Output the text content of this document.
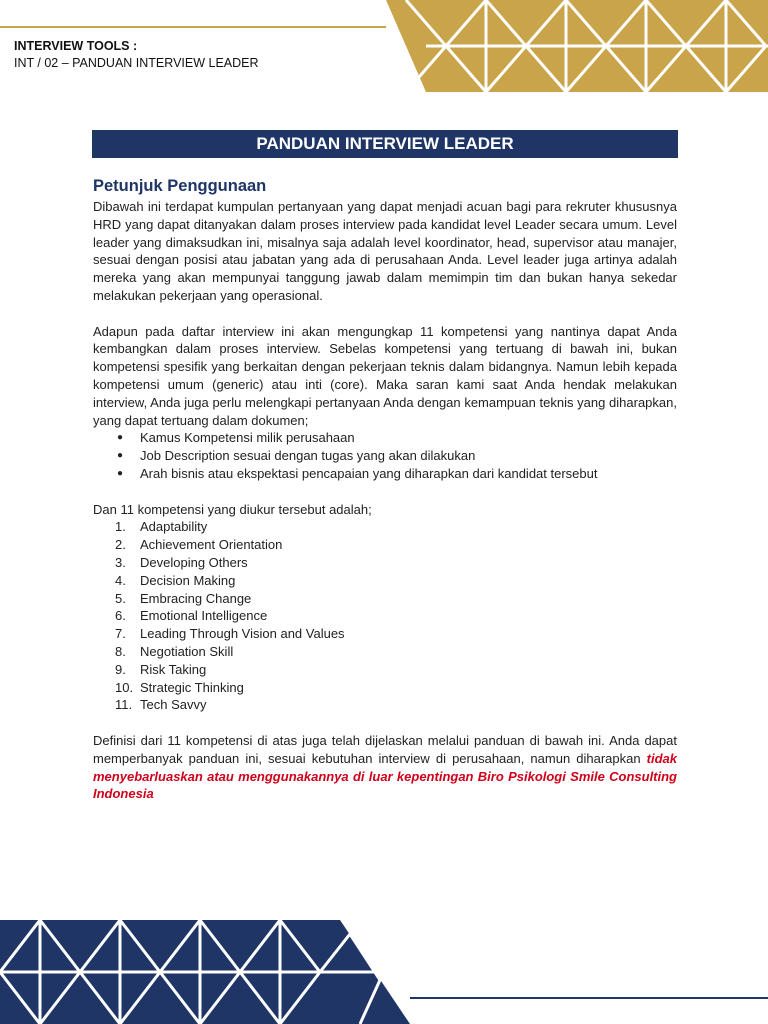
INTERVIEW TOOLS :
INT / 02 – PANDUAN INTERVIEW LEADER
PANDUAN INTERVIEW LEADER
Petunjuk Penggunaan

Dibawah ini terdapat kumpulan pertanyaan yang dapat menjadi acuan bagi para rekruter khususnya HRD yang dapat ditanyakan dalam proses interview pada kandidat level Leader secara umum. Level leader yang dimaksudkan ini, misalnya saja adalah level koordinator, head, supervisor atau manajer, sesuai dengan posisi atau jabatan yang ada di perusahaan Anda. Level leader juga artinya adalah mereka yang akan mempunyai tanggung jawab dalam memimpin tim dan bukan hanya sekedar melakukan pekerjaan yang operasional.

Adapun pada daftar interview ini akan mengungkap 11 kompetensi yang nantinya dapat Anda kembangkan dalam proses interview. Sebelas kompetensi yang tertuang di bawah ini, bukan kompetensi spesifik yang berkaitan dengan pekerjaan teknis dalam bidangnya. Namun lebih kepada kompetensi umum (generic) atau inti (core). Maka saran kami saat Anda hendak melakukan interview, Anda juga perlu melengkapi pertanyaan Anda dengan kemampuan teknis yang diharapkan, yang dapat tertuang dalam dokumen;

● Kamus Kompetensi milik perusahaan
● Job Description sesuai dengan tugas yang akan dilakukan
● Arah bisnis atau ekspektasi pencapaian yang diharapkan dari kandidat tersebut

Dan 11 kompetensi yang diukur tersebut adalah;

1.	Adaptability
2.	Achievement Orientation
3.	Developing Others
4.	Decision Making
5.	Embracing Change
6.	Emotional Intelligence
7.	Leading Through Vision and Values
8.	Negotiation Skill
9.	Risk Taking
10. Strategic Thinking
11. Tech Savvy

Definisi dari 11 kompetensi di atas juga telah dijelaskan melalui panduan di bawah ini. Anda dapat memperbanyak panduan ini, sesuai kebutuhan interview di perusahaan, namun diharapkan tidak menyebarluaskan atau menggunakannya di luar kepentingan Biro Psikologi Smile Consulting Indonesia
